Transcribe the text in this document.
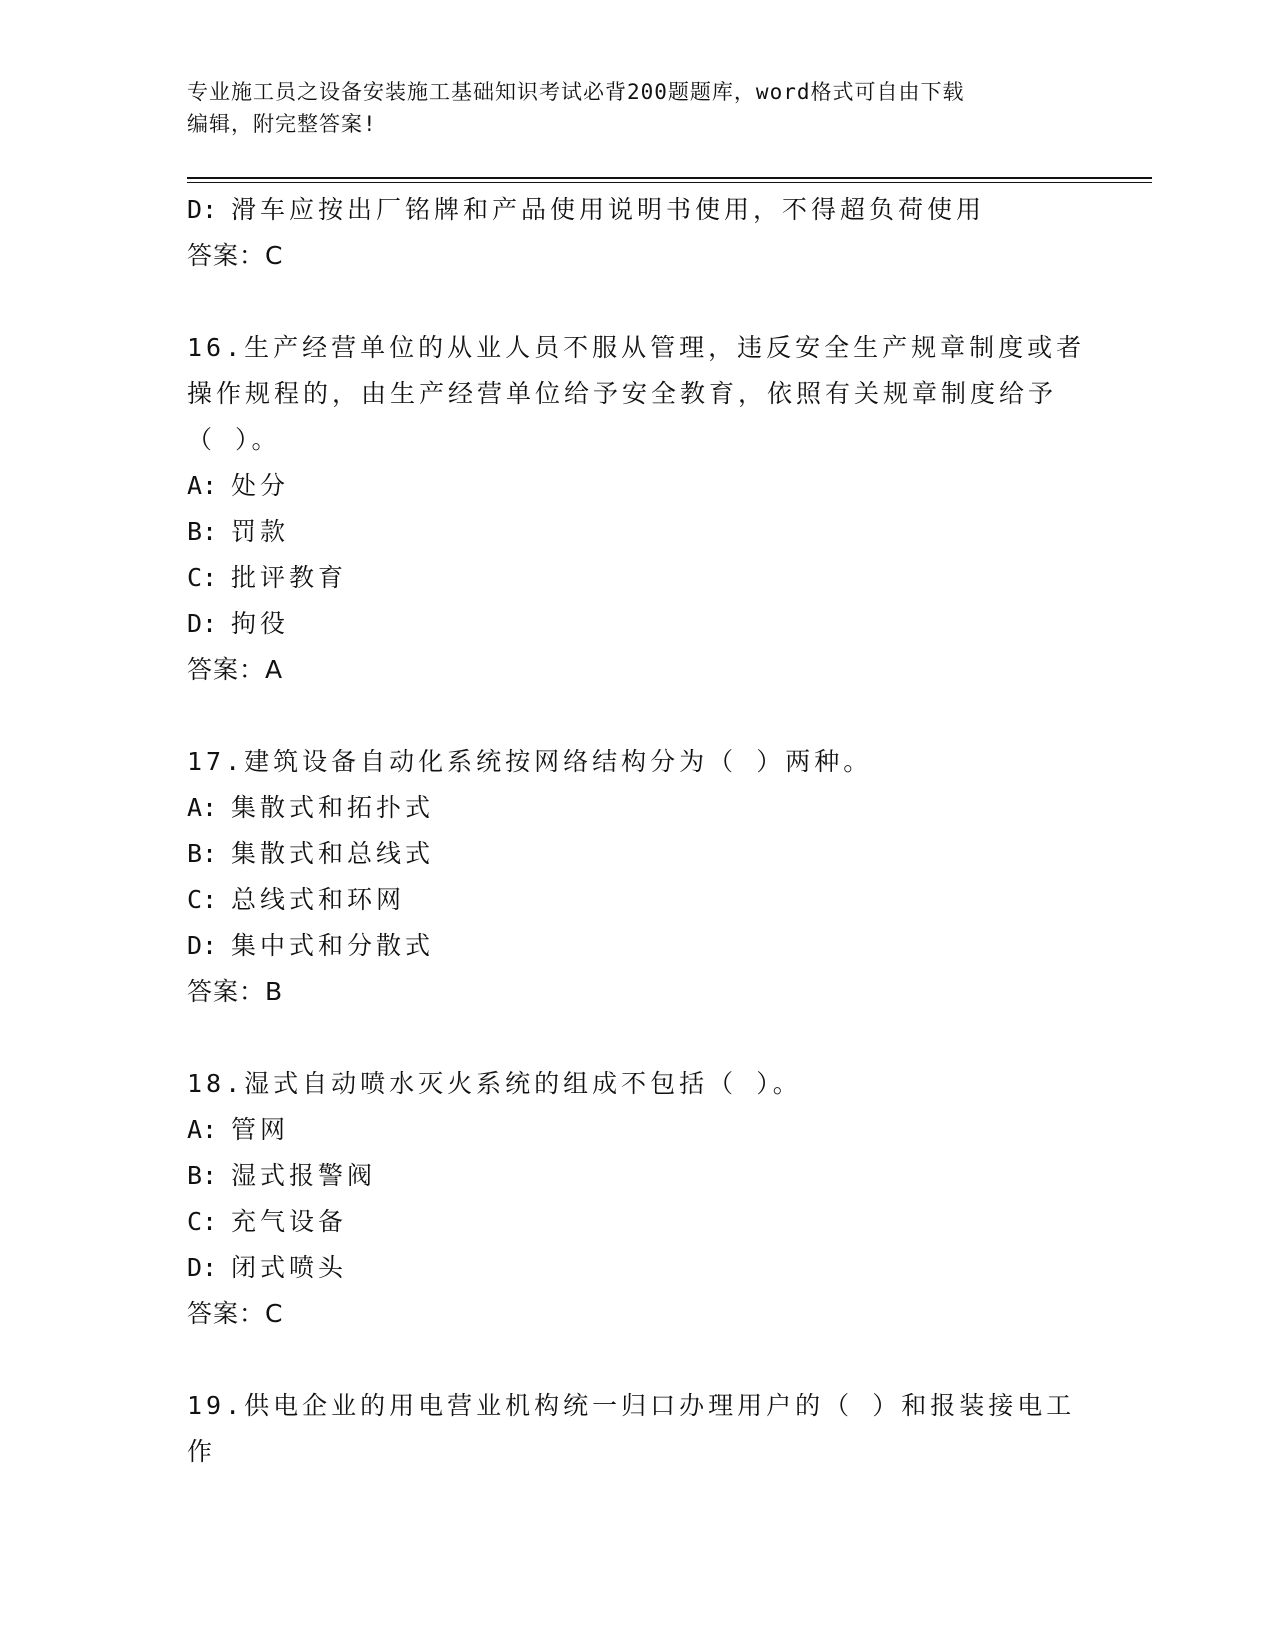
专业施工员之设备安装施工基础知识考试必背200题题库，word格式可自由下载
编辑，附完整答案!
D: 滑车应按出厂铭牌和产品使用说明书使用，不得超负荷使用
答案：C
16.生产经营单位的从业人员不服从管理，违反安全生产规章制度或者
操作规程的，由生产经营单位给予安全教育，依照有关规章制度给予
（ ）。
A: 处分
B: 罚款
C: 批评教育
D: 拘役
答案：A
17.建筑设备自动化系统按网络结构分为（ ）两种。
A: 集散式和拓扑式
B: 集散式和总线式
C: 总线式和环网
D: 集中式和分散式
答案：B
18.湿式自动喷水灭火系统的组成不包括（ ）。
A: 管网
B: 湿式报警阀
C: 充气设备
D: 闭式喷头
答案：C
19.供电企业的用电营业机构统一归口办理用户的（ ）和报装接电工
作
